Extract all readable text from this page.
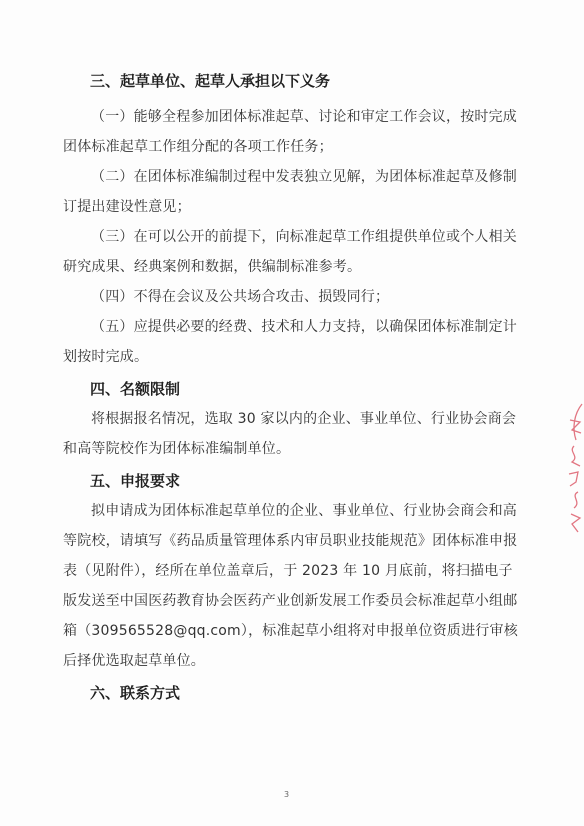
三、起草单位、起草人承担以下义务

（一）能够全程参加团体标准起草、讨论和审定工作会议，按时完成团体标准起草工作组分配的各项工作任务；

（二）在团体标准编制过程中发表独立见解，为团体标准起草及修制订提出建设性意见；

（三）在可以公开的前提下，向标准起草工作组提供单位或个人相关研究成果、经典案例和数据，供编制标准参考。

（四）不得在会议及公共场合攻击、损毁同行；

（五）应提供必要的经费、技术和人力支持，以确保团体标准制定计划按时完成。

四、名额限制

将根据报名情况，选取 30 家以内的企业、事业单位、行业协会商会和高等院校作为团体标准编制单位。

五、申报要求

拟申请成为团体标准起草单位的企业、事业单位、行业协会商会和高等院校，请填写《药品质量管理体系内审员职业技能规范》团体标准申报表（见附件），经所在单位盖章后，于 2023 年 10 月底前，将扫描电子版发送至中国医药教育协会医药产业创新发展工作委员会标准起草小组邮箱（309565528@qq.com），标准起草小组将对申报单位资质进行审核后择优选取起草单位。

六、联系方式

3
